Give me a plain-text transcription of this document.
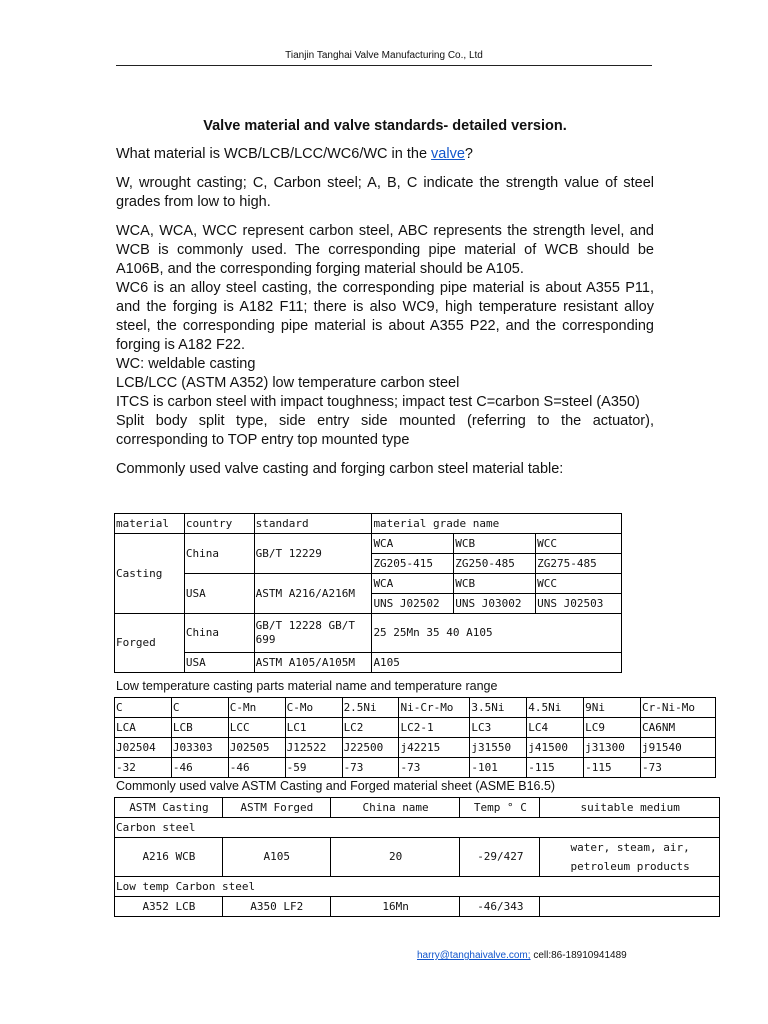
Tianjin Tanghai Valve Manufacturing Co., Ltd
Valve material and valve standards- detailed version.

What material is WCB/LCB/LCC/WC6/WC in the valve?

W, wrought casting; C, Carbon steel; A, B, C indicate the strength value of steel grades from low to high.

WCA, WCA, WCC represent carbon steel, ABC represents the strength level, and WCB is commonly used. The corresponding pipe material of WCB should be A106B, and the corresponding forging material should be A105.

WC6 is an alloy steel casting, the corresponding pipe material is about A355 P11, and the forging is A182 F11; there is also WC9, high temperature resistant alloy steel, the corresponding pipe material is about A355 P22, and the corresponding forging is A182 F22.

WC: weldable casting

LCB/LCC (ASTM A352) low temperature carbon steel

ITCS is carbon steel with impact toughness; impact test C=carbon S=steel (A350)

Split body split type, side entry side mounted (referring to the actuator), corresponding to TOP entry top mounted type

Commonly used valve casting and forging carbon steel material table:

material	country	standard	material grade name		
Casting	China	GB/T 12229	WCA	WCB	WCC
			ZG205-415	ZG250-485	ZG275-485
	USA	ASTM A216/A216M	WCA	WCB	WCC
			UNS J02502	UNS J03002	UNS J02503
Forged	China	GB/T 12228 GB/T 699	25 25Mn 35 40 A105		
	USA	ASTM A105/A105M	A105		
Low temperature casting parts material name and temperature range
C	C	C-Mn	C-Mo	2.5Ni	Ni-Cr-Mo	3.5Ni	4.5Ni	9Ni	Cr-Ni-Mo
LCA	LCB	LCC	LC1	LC2	LC2-1	LC3	LC4	LC9	CA6NM
J02504	J03303	J02505	J12522	J22500	j42215	j31550	j41500	j31300	j91540
-32	-46	-46	-59	-73	-73	-101	-115	-115	-73
Commonly used valve ASTM Casting and Forged material sheet (ASME B16.5)
ASTM Casting	ASTM Forged	China name	Temp ° C	suitable medium
Carbon steel				
A216 WCB	A105	20	-29/427	water, steam, air, petroleum products
Low temp Carbon steel				
A352 LCB	A350 LF2	16Mn	-46/343	
harry@tanghaivalve.com; cell:86-18910941489
